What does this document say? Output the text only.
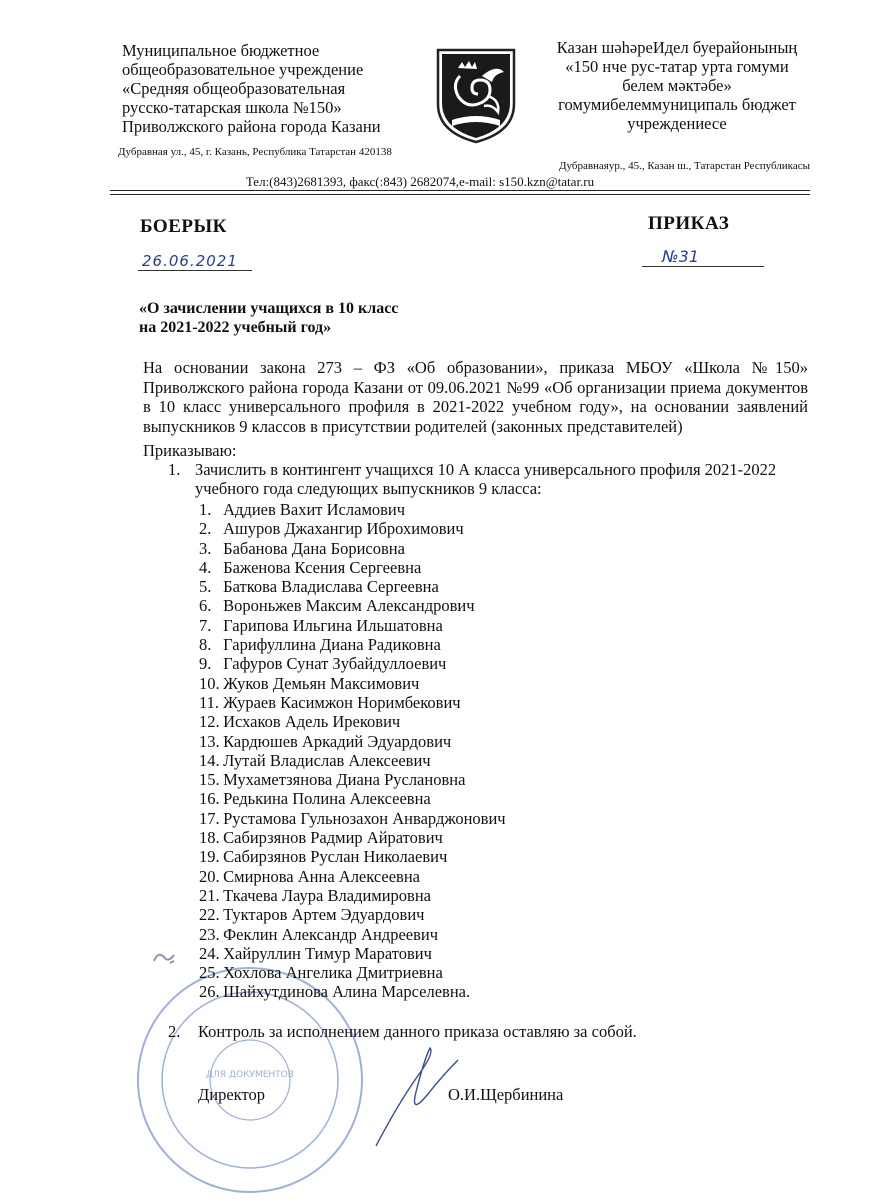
Муниципальное бюджетное
общеобразовательное учреждение
«Средняя общеобразовательная
русско-татарская школа №150»
Приволжского района города Казани
Казан шәһәреИдел буерайонының
«150 нче рус-татар урта гомуми
белем мәктәбе»
гомумибелеммуниципаль бюджет
учреждениесе
Дубравная ул., 45, г. Казань, Республика Татарстан 420138
Дубравнаяур., 45., Казан ш., Татарстан Республикасы
Тел:(843)2681393, факс(:843) 2682074,e-mail: s150.kzn@tatar.ru
БОЕРЫК	ПРИКАЗ
26.06.2021	№31
«О зачислении учащихся в 10 класс
на 2021-2022 учебный год»

На основании закона 273 – ФЗ «Об образовании», приказа МБОУ «Школа №150» Приволжского района города Казани от 09.06.2021 №99 «Об организации приема документов в 10 класс универсального профиля в 2021-2022 учебном году», на основании заявлений выпускников 9 классов в присутствии родителей (законных представителей)

Приказываю:
1. Зачислить в контингент учащихся 10 А класса универсального профиля 2021-2022 учебного года следующих выпускников 9 класса:
ДЛЯ ДОКУМЕНТОВ
1. Аддиев Вахит Исламович
2. Ашуров Джахангир Иброхимович
3. Бабанова Дана Борисовна
4. Баженова Ксения Сергеевна
5. Баткова Владислава Сергеевна
6. Вороньжев Максим Александрович
7. Гарипова Ильгина Ильшатовна
8. Гарифуллина Диана Радиковна
9. Гафуров Сунат Зубайдуллоевич
10. Жуков Демьян Максимович
11. Жураев Касимжон Норимбекович
12. Исхаков Адель Ирекович
13. Кардюшев Аркадий Эдуардович
14. Лутай Владислав Алексеевич
15. Мухаметзянова Диана Руслановна
16. Редькина Полина Алексеевна
17. Рустамова Гульнозахон Анварджонович
18. Сабирзянов Радмир Айратович
19. Сабирзянов Руслан Николаевич
20. Смирнова Анна Алексеевна
21. Ткачева Лаура Владимировна
22. Туктаров Артем Эдуардович
23. Феклин Александр Андреевич
24. Хайруллин Тимур Маратович
25. Хохлова Ангелика Дмитриевна
26. Шайхутдинова Алина Марселевна.
2. Контроль за исполнением данного приказа оставляю за собой.
Директор	О.И.Щербинина
